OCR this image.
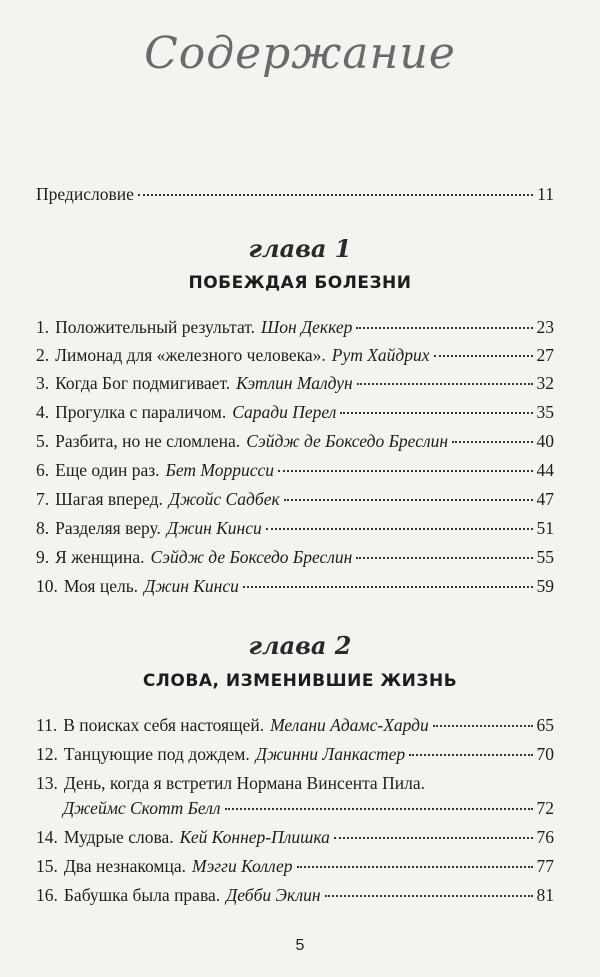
Содержание
Предисловие	11
глава 1
ПОБЕЖДАЯ БОЛЕЗНИ
1. Положительный результат. Шон Деккер	23
2. Лимонад для «железного человека». Рут Хайдрих	27
3. Когда Бог подмигивает. Кэтлин Малдун	32
4. Прогулка с параличом. Саради Перел	35
5. Разбита, но не сломлена. Сэйдж де Бокседо Бреслин	40
6. Еще один раз. Бет Моррисси	44
7. Шагая вперед. Джойс Садбек	47
8. Разделяя веру. Джин Кинси	51
9. Я женщина. Сэйдж де Бокседо Бреслин	55
10. Моя цель. Джин Кинси	59
глава 2
СЛОВА, ИЗМЕНИВШИЕ ЖИЗНЬ
11. В поисках себя настоящей. Мелани Адамс-Харди	65
12. Танцующие под дождем. Джинни Ланкастер	70
13. День, когда я встретил Нормана Винсента Пила.
Джеймс Скотт Белл	72
14. Мудрые слова. Кей Коннер-Плишка	76
15. Два незнакомца. Мэгги Коллер	77
16. Бабушка была права. Дебби Эклин	81
5
